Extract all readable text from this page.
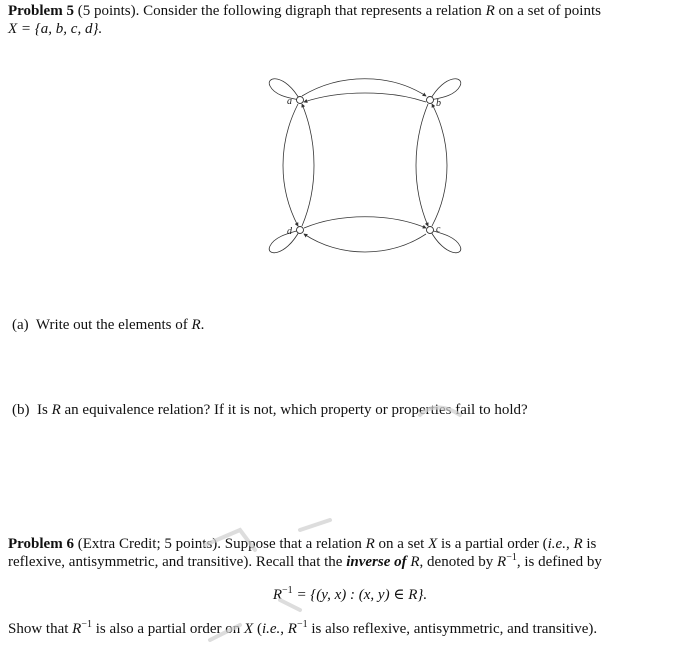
Problem 5 (5 points). Consider the following digraph that represents a relation R on a set of points
X = {a, b, c, d}.
a	b
c
d
(a) Write out the elements of R.
(b) Is R an equivalence relation? If it is not, which property or properties fail to hold?
Problem 6 (Extra Credit; 5 points). Suppose that a relation R on a set X is a partial order (i.e., R is
reflexive, antisymmetric, and transitive). Recall that the inverse of R, denoted by $R^{-1}$, is defined by
$R^{-1} = \{(y$, x) : (x, y) ∈ R}.
Show that $R^{-1}$ is also a partial order on X (i.e., $R^{-1}$ is also reflexive, antisymmetric, and transitive).
